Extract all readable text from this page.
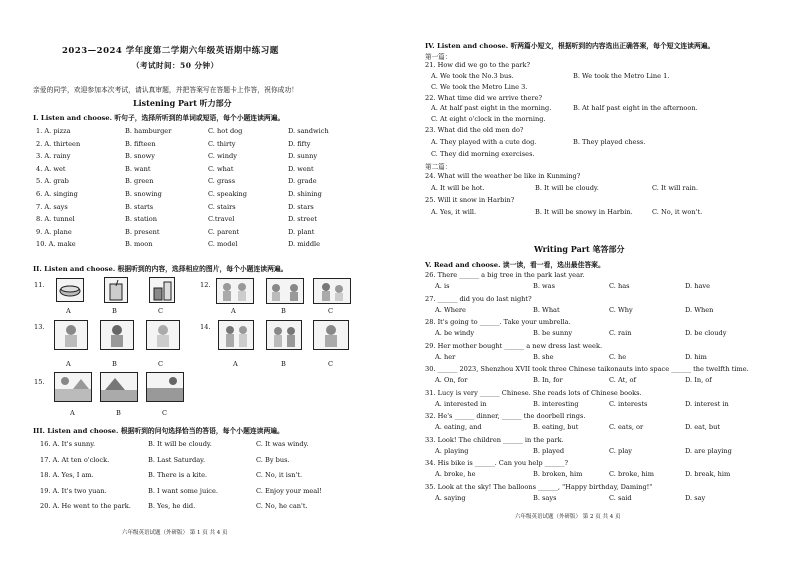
2023—2024 学年度第二学期六年级英语期中练习题
（考试时间：50 分钟）
亲爱的同学，欢迎参加本次考试，请认真审题，并把答案写在答题卡上作答，祝你成功！
Listening Part 听力部分
I. Listen and choose. 听句子，选择所听到的单词或短语，每个小题连读两遍。
1. A. pizza	B. hamburger	C. hot dog	D. sandwich
2. A. thirteen	B. fifteen	C. thirty	D. fifty
3. A. rainy	B. snowy	C. windy	D. sunny
4. A. wet	B. want	C. what	D. went
5. A. grab	B. green	C. grass	D. grade
6. A. singing	B. snowing	C. speaking	D. shining
7. A. says	B. starts	C. stairs	D. stars
8. A. tunnel	B. station	C.travel	D. street
9. A. plane	B. present	C. parent	D. plant
10. A. make	B. moon	C. model	D. middle
II. Listen and choose. 根据听到的内容，选择相应的图片，每个小题连读两遍。
11.
A	B	C
12.
A	B	C
13.
A	B	C
14.
A	B	C
15.
A	B	C
III. Listen and choose. 根据听到的问句选择恰当的答语，每个小题连读两遍。
16. A. It's sunny.	B. It will be cloudy.	C. It was windy.
17. A. At ten o'clock.	B. Last Saturday.	C. By bus.
18. A. Yes, I am.	B. There is a kite.	C. No, it isn't.
19. A. It's two yuan.	B. I want some juice.	C. Enjoy your meal!
20. A. He went to the park.	B. Yes, he did.	C. No, he can't.
六年级英语试题（外研版） 第 1 页 共 4 页
IV. Listen and choose. 听两篇小短文，根据听到的内容选出正确答案，每个短文连读两遍。
第一篇：
21. How did we go to the park?
A. We took the No.3 bus.	B. We took the Metro Line 1.
C. We took the Metro Line 3.
22. What time did we arrive there?
A. At half past eight in the morning.	B. At half past eight in the afternoon.
C. At eight o'clock in the morning.
23. What did the old men do?
A. They played with a cute dog.	B. They played chess.
C. They did morning exercises.
第二篇：
24. What will the weather be like in Kunming?
A. It will be hot.	B. It will be cloudy.	C. It will rain.
25. Will it snow in Harbin?
A. Yes, it will.	B. It will be snowy in Harbin.	C. No, it won't.
Writing Part 笔答部分
V. Read and choose. 读一读，看一看，选出最佳答案。
26. There ______ a big tree in the park last year.
A. is	B. was	C. has	D. have
27. ______ did you do last night?
A. Where	B. What	C. Why	D. When
28. It's going to ______. Take your umbrella.
A. be windy	B. be sunny	C. rain	D. be cloudy
29. Her mother bought ______ a new dress last week.
A. her	B. she	C. he	D. him
30. ______ 2023, Shenzhou XVII took three Chinese taikonauts into space ______ the twelfth time.
A. On, for	B. In, for	C. At, of	D. In, of
31. Lucy is very ______ Chinese. She reads lots of Chinese books.
A. interested in	B. interesting	C. interests	D. interest in
32. He's ______ dinner, ______ the doorbell rings.
A. eating, and	B. eating, but	C. eats, or	D. eat, but
33. Look! The children ______ in the park.
A. playing	B. played	C. play	D. are playing
34. His bike is ______. Can you help ______?
A. broke, he	B. broken, him	C. broke, him	D. break, him
35. Look at the sky! The balloons ______, "Happy birthday, Daming!"
A. saying	B. says	C. said	D. say
六年级英语试题（外研版） 第 2 页 共 4 页
